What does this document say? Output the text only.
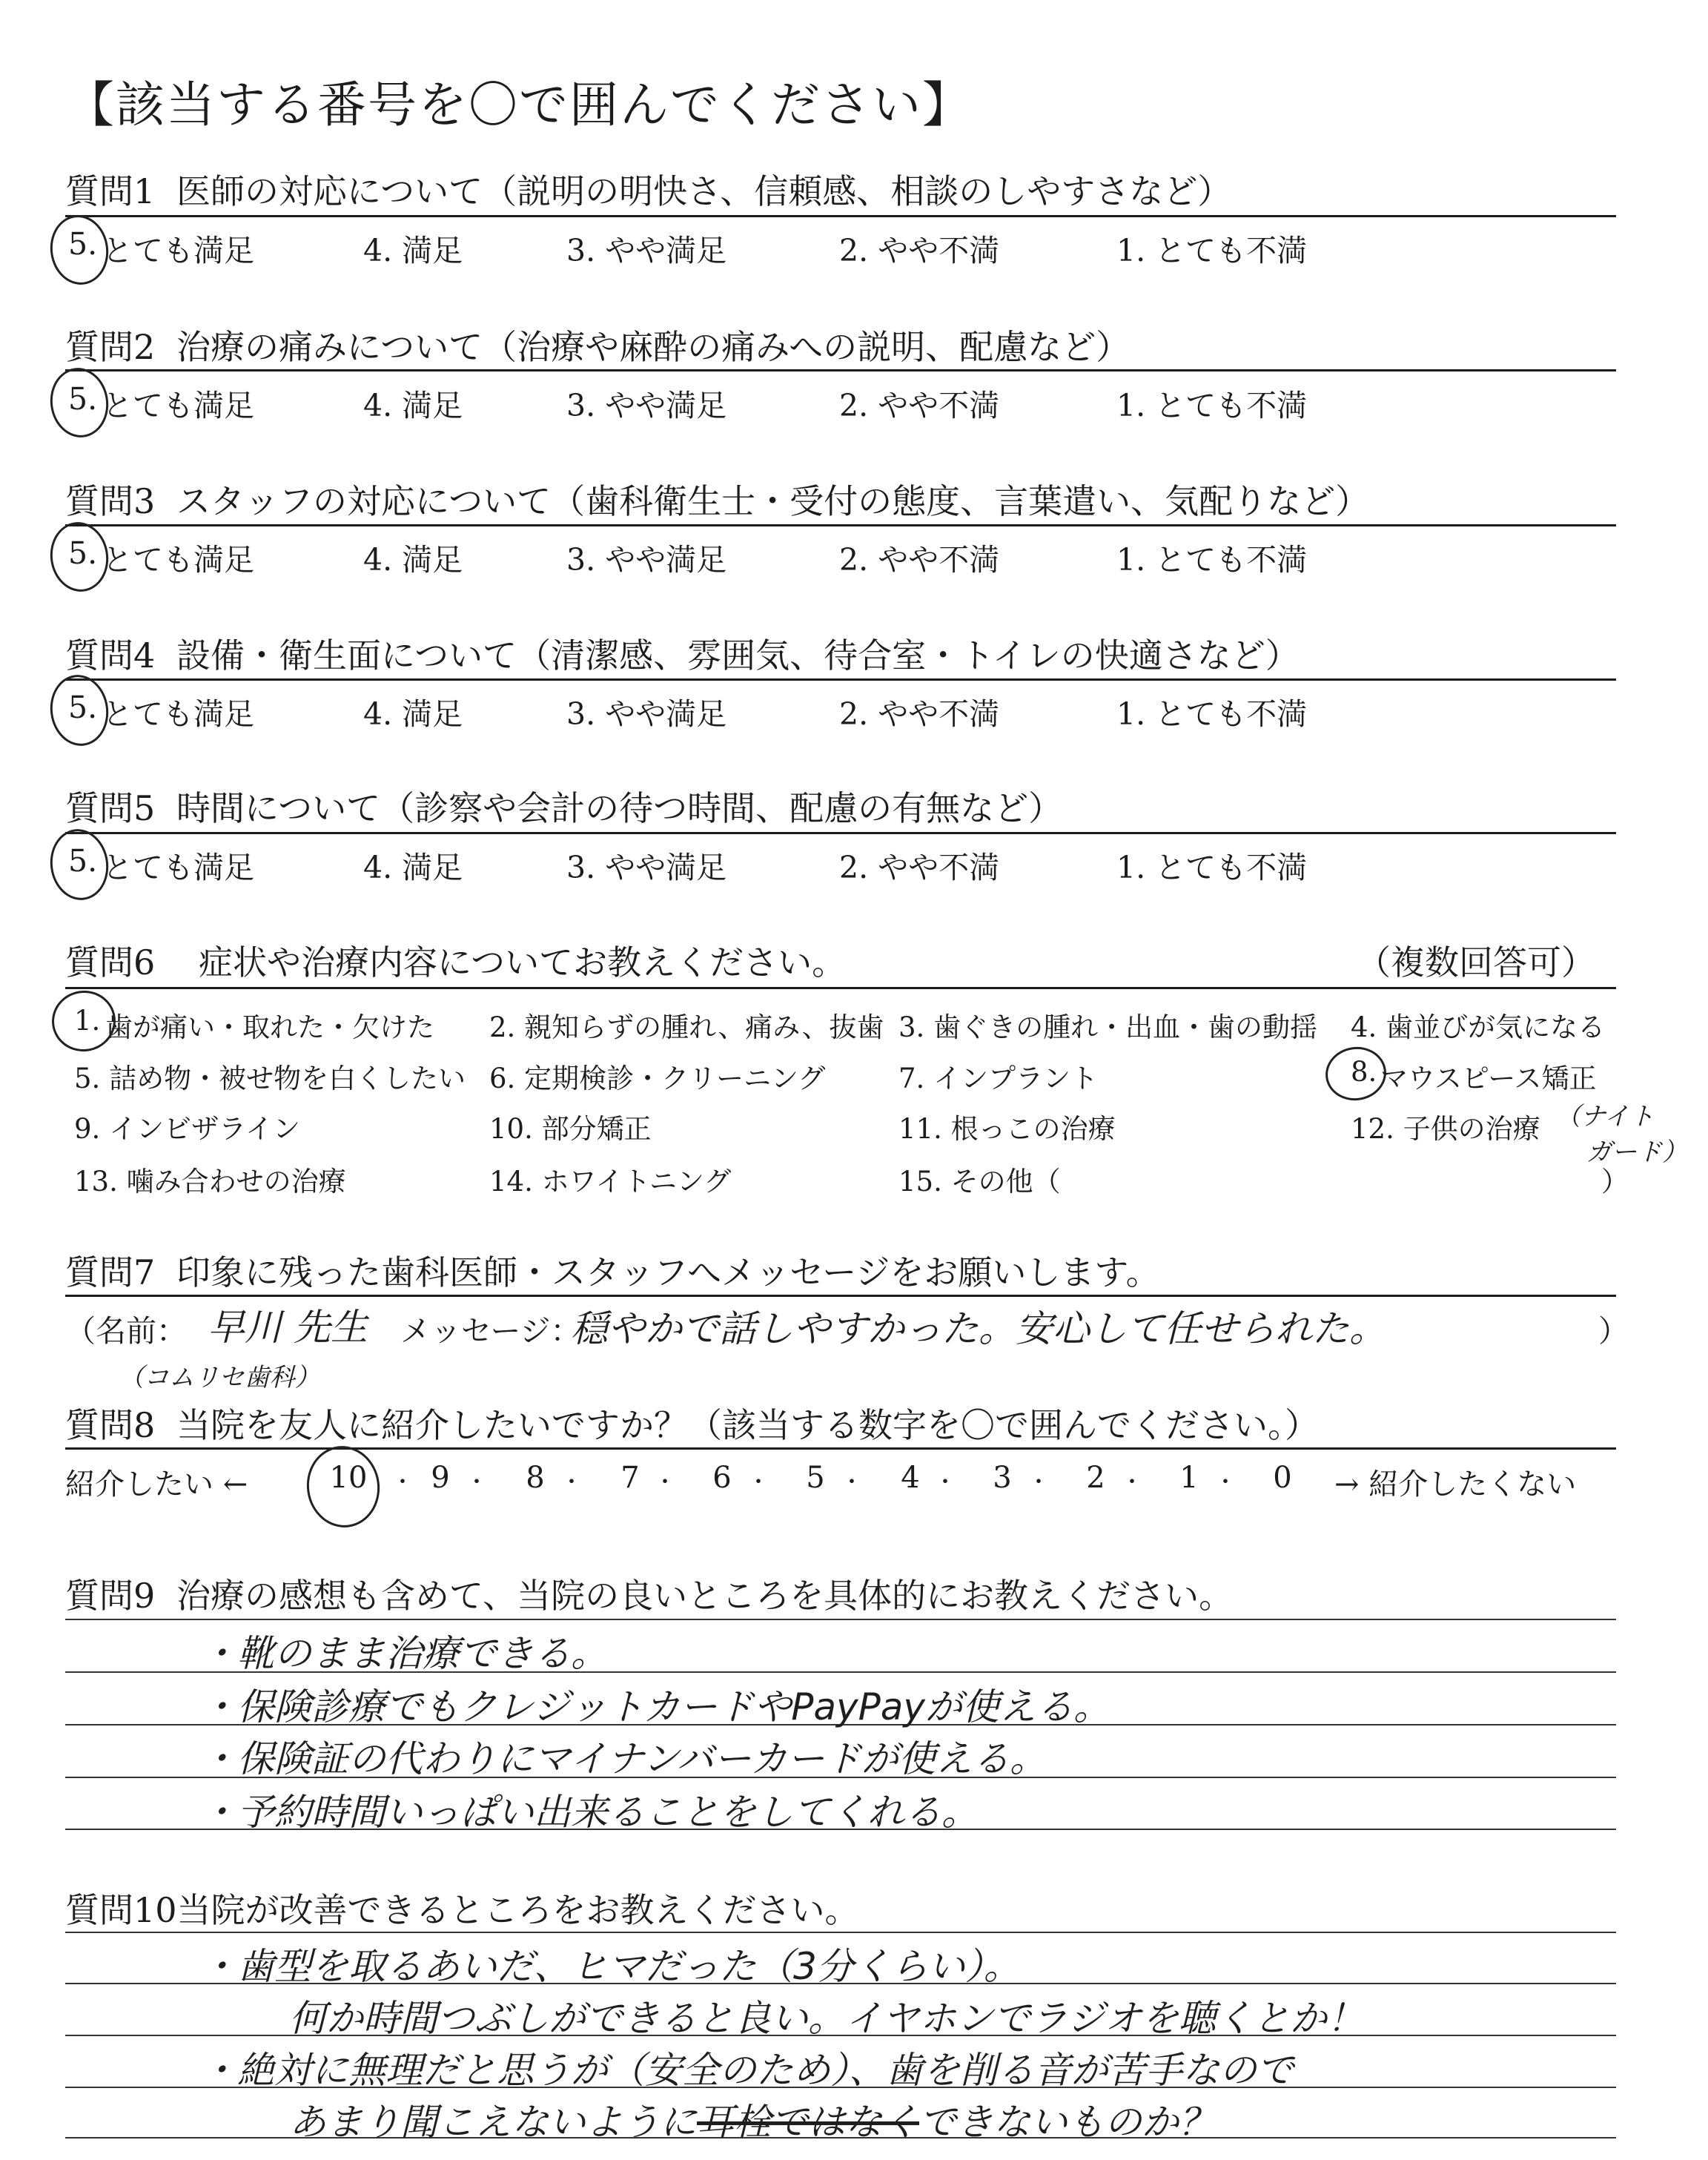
【該当する番号を〇で囲んでください】
質問1 医師の対応について（説明の明快さ、信頼感、相談のしやすさなど）
5. とても満足	4. 満足	3. やや満足	2. やや不満	1. とても不満
質問2 治療の痛みについて（治療や麻酔の痛みへの説明、配慮など）
5. とても満足	4. 満足	3. やや満足	2. やや不満	1. とても不満
質問3 スタッフの対応について（歯科衛生士・受付の態度、言葉遣い、気配りなど）
5. とても満足	4. 満足	3. やや満足	2. やや不満	1. とても不満
質問4 設備・衛生面について（清潔感、雰囲気、待合室・トイレの快適さなど）
5. とても満足	4. 満足	3. やや満足	2. やや不満	1. とても不満
質問5 時間について（診察や会計の待つ時間、配慮の有無など）
5. とても満足	4. 満足	3. やや満足	2. やや不満	1. とても不満
質問6 症状や治療内容についてお教えください。	（複数回答可）
1. 歯が痛い・取れた・欠けた 2. 親知らずの腫れ、痛み、抜歯 3. 歯ぐきの腫れ・出血・歯の動揺 4. 歯並びが気になる
5. 詰め物・被せ物を白くしたい 6. 定期検診・クリーニング	7. インプラント	8. マウスピース矯正
9. インビザライン	10. 部分矯正	11. 根っこの治療	12. 子供の治療
13. 噛み合わせの治療	14. ホワイトニング	15. その他（
（ナイト
ガード）
）
質問7 印象に残った歯科医師・スタッフへメッセージをお願いします。
（名前： 早川 先生 メッセージ：
穏やかで話しやすかった。安心して任せられた。	）
（コムリセ歯科）
質問8 当院を友人に紹介したいですか？（該当する数字を〇で囲んでください。）
紹介したい ←	10 ・ 9 ・	8 ・	7 ・	6 ・	5 ・	4 ・	3 ・	2 ・	1 ・	0	→ 紹介したくない
質問9 治療の感想も含めて、当院の良いところを具体的にお教えください。
・靴のまま治療できる。
・保険診療でもクレジットカードやPayPayが使える。
・保険証の代わりにマイナンバーカードが使える。
・予約時間いっぱい出来ることをしてくれる。
質問10当院が改善できるところをお教えください。
・歯型を取るあいだ、ヒマだった（3分くらい）。
何か時間つぶしができると良い。イヤホンでラジオを聴くとか！
・絶対に無理だと思うが（安全のため）、歯を削る音が苦手なので
あまり聞こえないように 耳栓ではなく できないものか？
